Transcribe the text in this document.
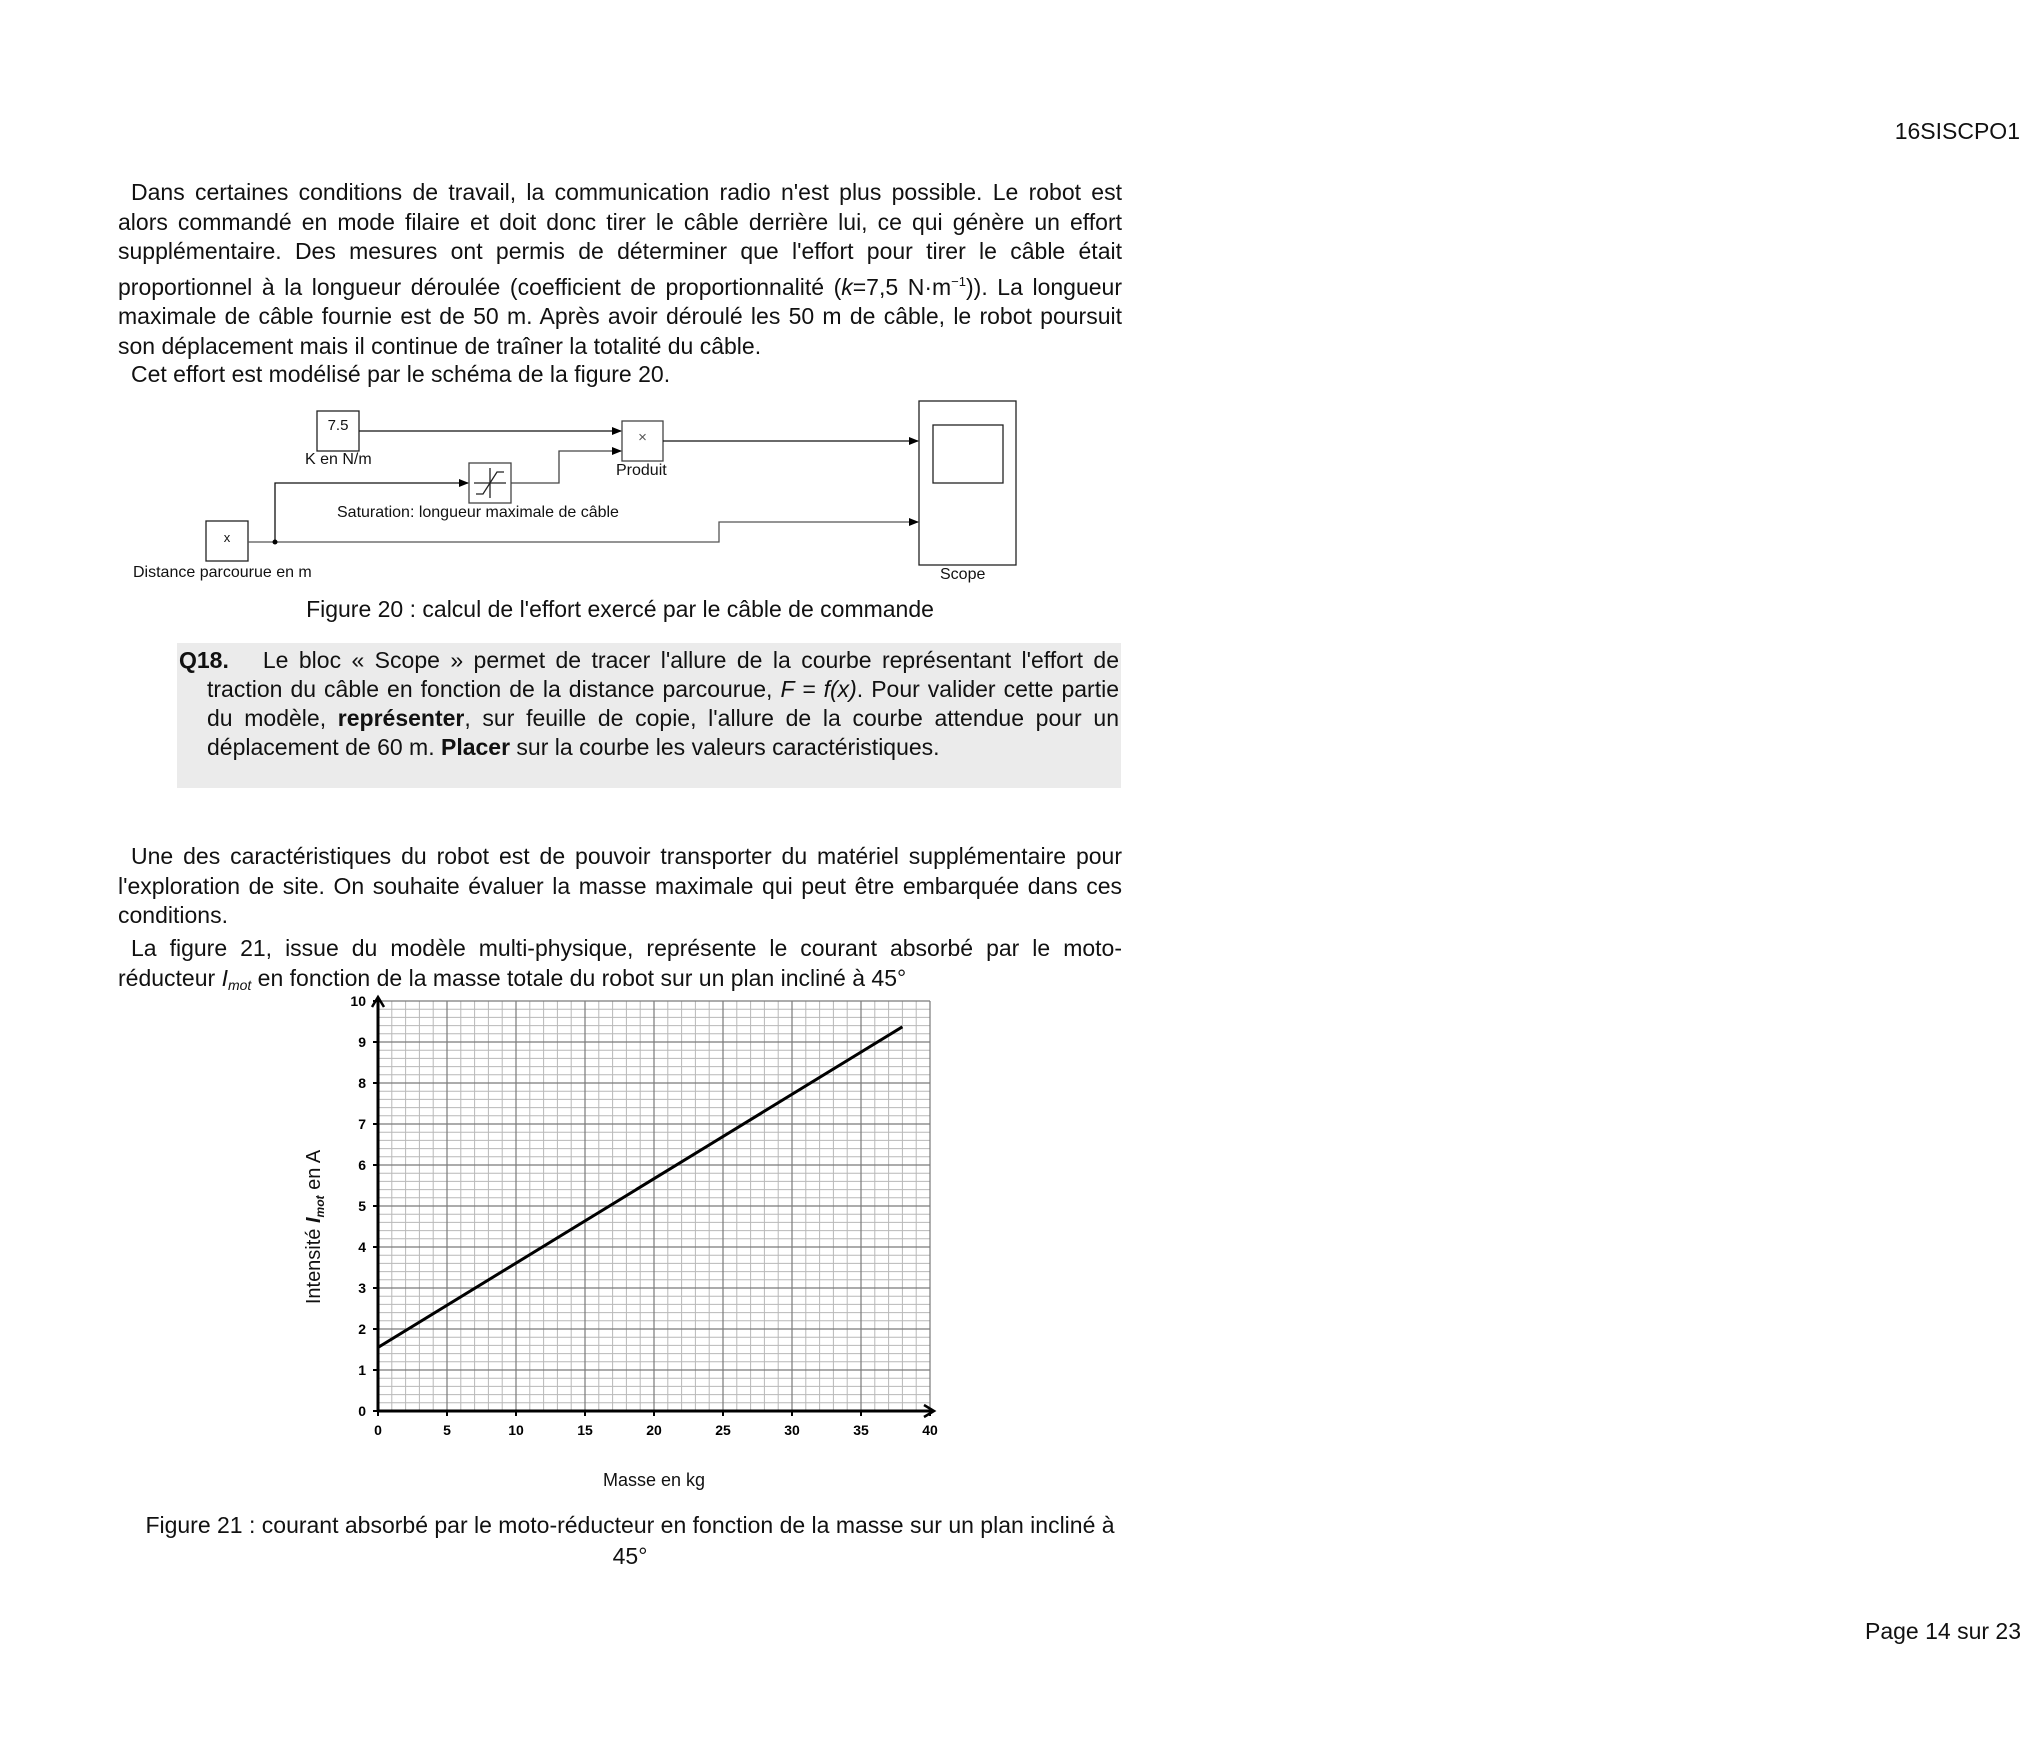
16SISCPO1
Dans certaines conditions de travail, la communication radio n'est plus possible. Le robot est alors commandé en mode filaire et doit donc tirer le câble derrière lui, ce qui génère un effort supplémentaire. Des mesures ont permis de déterminer que l'effort pour tirer le câble était proportionnel à la longueur déroulée (coefficient de proportionnalité (k=7,5 $N\cdot m^{-1}$)). La longueur maximale de câble fournie est de 50 m. Après avoir déroulé les 50 m de câble, le robot poursuit son déplacement mais il continue de traîner la totalité du câble.
Cet effort est modélisé par le schéma de la figure 20.
7.5
K en N/m
x
Distance parcourue en m
Saturation: longueur maximale de câble
×
Produit
Scope
Figure 20 : calcul de l'effort exercé par le câble de commande
Q18. Le bloc « Scope » permet de tracer l'allure de la courbe représentant l'effort de traction du câble en fonction de la distance parcourue, F = f(x). Pour valider cette partie du modèle, représenter, sur feuille de copie, l'allure de la courbe attendue pour un déplacement de 60 m. Placer sur la courbe les valeurs caractéristiques.
Une des caractéristiques du robot est de pouvoir transporter du matériel supplémentaire pour l'exploration de site. On souhaite évaluer la masse maximale qui peut être embarquée dans ces conditions.
La figure 21, issue du modèle multi-physique, représente le courant absorbé par le moto-réducteur Imot en fonction de la masse totale du robot sur un plan incliné à 45°
0	5	10	15	20	25	30	35	40
0
1
2
3
4
5
6
7
8
9
10
Intensité $I_{mot}$ en A
Masse en kg
Figure 21 : courant absorbé par le moto-réducteur en fonction de la masse sur un plan incliné à 45°
Page 14 sur 23
